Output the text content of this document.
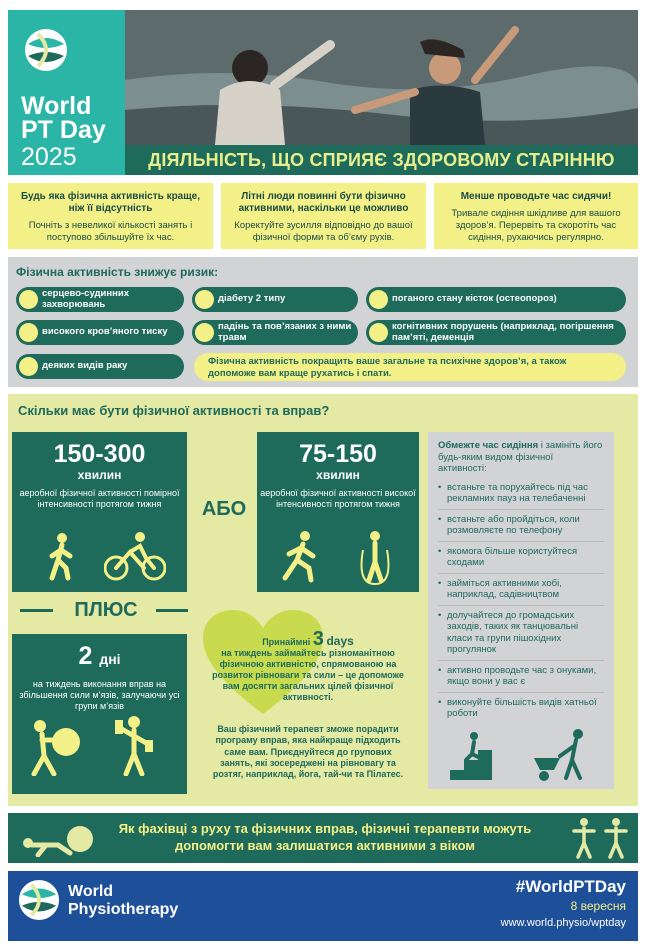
World
PT Day
2025	ДІЯЛЬНІСТЬ, ЩО СПРИЯЄ ЗДОРОВОМУ СТАРІННЮ
Будь яка фізична активність краще, ніж її відсутність
Почніть з невеликої кількості занять і поступово збільшуйте їх час.
Літні люди повинні бути фізично активними, наскільки це можливо
Коректуйте зусилля відповідно до вашої фізичної форми та об’єму рухів.
Менше проводьте час сидячи!
Тривале сидіння шкідливе для вашого здоров’я. Перервіть та скоротіть час сидіння, рухаючись регулярно.
Фізична активність знижує ризик:
серцево-судинних захворювань	діабету 2 типу	поганого стану кісток (остеопороз)
високого кров’яного тиску	падінь та пов’язаних з ними травм
когнітивних порушень (наприклад, погіршення пам’яті, деменція
деяких видів раку	Фізична активність покращить ваше загальне та психічне здоров’я, а також допоможе вам краще рухатись і спати.
Скільки має бути фізичної активності та вправ?
150-300
хвилин
аеробної фізичної активності помірної інтенсивності протягом тижня	АБО
75-150
хвилин
аеробної фізичної активності високої інтенсивності протягом тижня
ПЛЮС
2 дні
на тиждень виконання вправ на збільшення сили м’язів, залучаючи усі групи м’язів
Принаймні 3 days
на тиждень займайтесь різноманітною фізичною активністю, спрямованою на розвиток рівноваги та сили – це допоможе вам досягти загальних цілей фізичної активності.
Ваш фізичний терапевт зможе порадити програму вправ, яка найкраще підходить саме вам. Приєднуйтеся до групових занять, які зосереджені на рівновагу та розтяг, наприклад, йога, тай-чи та Пілатес.
Обмежте час сидіння і замініть його будь-яким видом фізичної активності:
• встаньте та порухайтесь під час рекламних пауз на телебаченні
• встаньте або пройдіться, коли розмовляєте по телефону
• якомога більше користуйтеся сходами
• займіться активними хобі, наприклад, садівництвом
• долучайтеся до громадських заходів, таких як танцювальні класи та групи пішохідних прогулянок
• активно проводьте час з онуками, якщо вони у вас є
• виконуйте більшість видів хатньої роботи
Як фахівці з руху та фізичних вправ, фізичні терапевти можуть допомогти вам залишатися активними з віком
World
Physiotherapy
#WorldPTDay
8 вересня
www.world.physio/wptday
